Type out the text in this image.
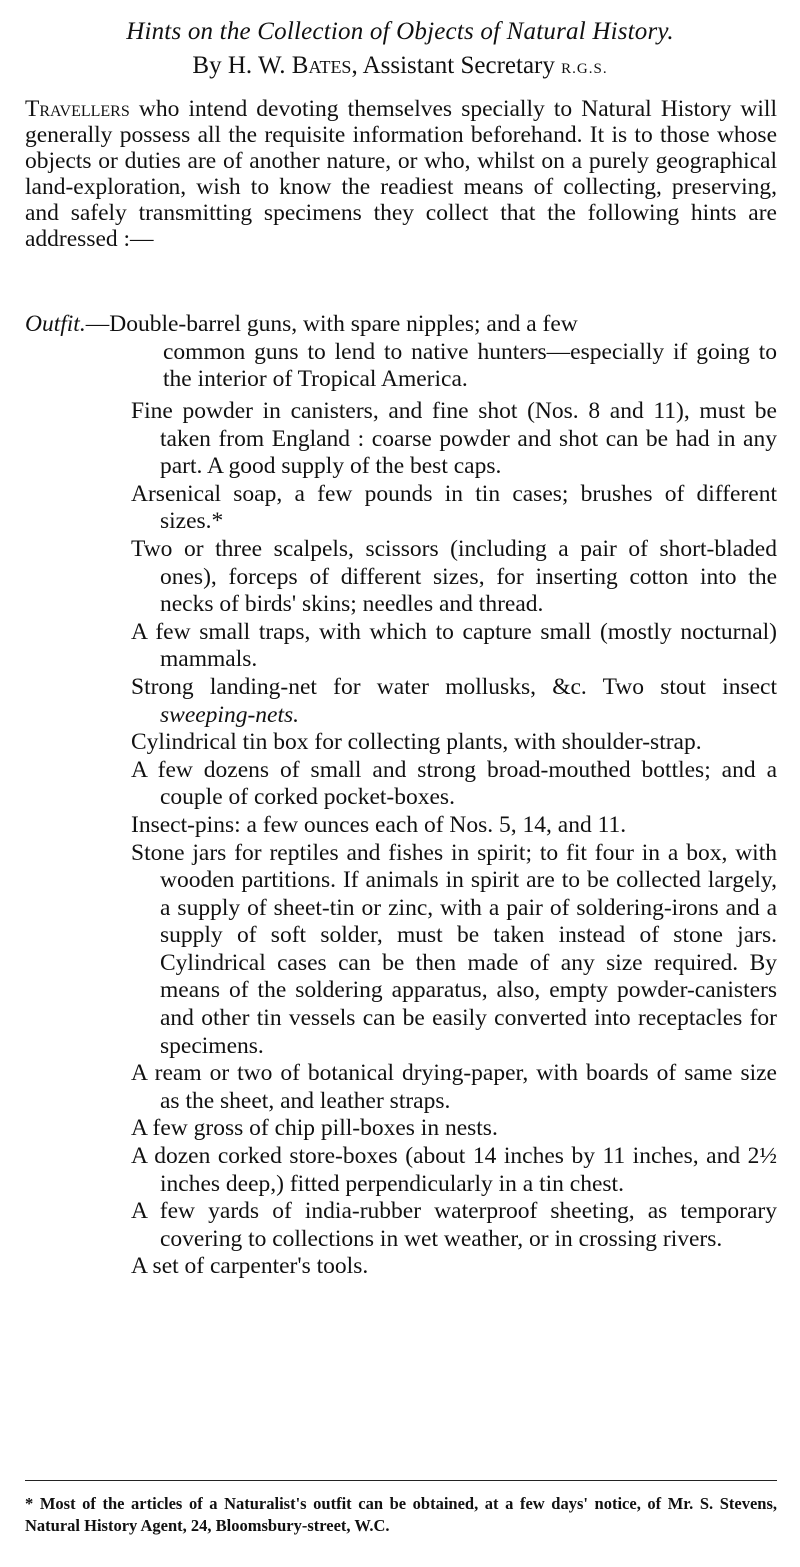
Hints on the Collection of Objects of Natural History.
By H. W. Bates, Assistant Secretary R.G.S.
Travellers who intend devoting themselves specially to Natural History will generally possess all the requisite information beforehand. It is to those whose objects or duties are of another nature, or who, whilst on a purely geographical land-exploration, wish to know the readiest means of collecting, preserving, and safely transmitting specimens they collect that the following hints are addressed :—
Outfit.—Double-barrel guns, with spare nipples; and a few
common guns to lend to native hunters—especially if going to the interior of Tropical America.
Fine powder in canisters, and fine shot (Nos. 8 and 11), must be taken from England : coarse powder and shot can be had in any part. A good supply of the best caps.
Arsenical soap, a few pounds in tin cases; brushes of different sizes.*
Two or three scalpels, scissors (including a pair of short-bladed ones), forceps of different sizes, for inserting cotton into the necks of birds' skins; needles and thread.
A few small traps, with which to capture small (mostly nocturnal) mammals.
Strong landing-net for water mollusks, &c. Two stout insect sweeping-nets.
Cylindrical tin box for collecting plants, with shoulder-strap.
A few dozens of small and strong broad-mouthed bottles; and a couple of corked pocket-boxes.
Insect-pins: a few ounces each of Nos. 5, 14, and 11.
Stone jars for reptiles and fishes in spirit; to fit four in a box, with wooden partitions. If animals in spirit are to be collected largely, a supply of sheet-tin or zinc, with a pair of soldering-irons and a supply of soft solder, must be taken instead of stone jars. Cylindrical cases can be then made of any size required. By means of the soldering apparatus, also, empty powder-canisters and other tin vessels can be easily converted into receptacles for specimens.
A ream or two of botanical drying-paper, with boards of same size as the sheet, and leather straps.
A few gross of chip pill-boxes in nests.
A dozen corked store-boxes (about 14 inches by 11 inches, and 2½ inches deep,) fitted perpendicularly in a tin chest.
A few yards of india-rubber waterproof sheeting, as temporary covering to collections in wet weather, or in crossing rivers.
A set of carpenter's tools.
* Most of the articles of a Naturalist's outfit can be obtained, at a few days' notice, of Mr. S. Stevens, Natural History Agent, 24, Bloomsbury-street, W.C.
